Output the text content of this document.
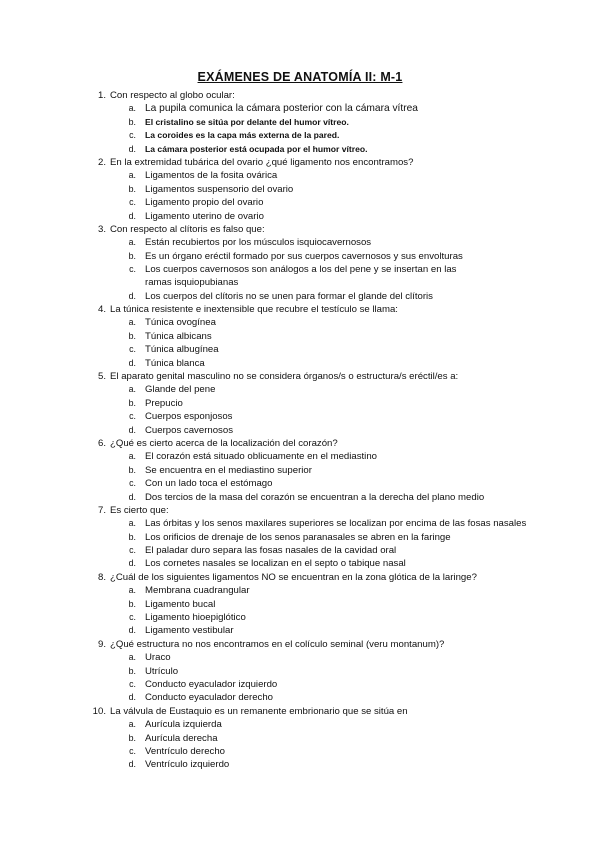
EXÁMENES DE ANATOMÍA II: M-1
1. Con respecto al globo ocular:
a. La pupila comunica la cámara posterior con la cámara vítrea
b. El cristalino se sitúa por delante del humor vítreo.
c. La coroides es la capa más externa de la pared.
d. La cámara posterior está ocupada por el humor vítreo.
2. En la extremidad tubárica del ovario ¿qué ligamento nos encontramos?
a. Ligamentos de la fosita ovárica
b. Ligamentos suspensorio del ovario
c. Ligamento propio del ovario
d. Ligamento uterino de ovario
3. Con respecto al clítoris es falso que:
a. Están recubiertos por los músculos isquiocavernosos
b. Es un órgano eréctil formado por sus cuerpos cavernosos y sus envolturas
c. Los cuerpos cavernosos son análogos a los del pene y se insertan en las ramas isquiopubianas
d. Los cuerpos del clítoris no se unen para formar el glande del clítoris
4. La túnica resistente e inextensible que recubre el testículo se llama:
a. Túnica ovogínea
b. Túnica albicans
c. Túnica albugínea
d. Túnica blanca
5. El aparato genital masculino no se considera órganos/s o estructura/s eréctil/es a:
a. Glande del pene
b. Prepucio
c. Cuerpos esponjosos
d. Cuerpos cavernosos
6. ¿Qué es cierto acerca de la localización del corazón?
a. El corazón está situado oblicuamente en el mediastino
b. Se encuentra en el mediastino superior
c. Con un lado toca el estómago
d. Dos tercios de la masa del corazón se encuentran a la derecha del plano medio
7. Es cierto que:
a. Las órbitas y los senos maxilares superiores se localizan por encima de las fosas nasales
b. Los orificios de drenaje de los senos paranasales se abren en la faringe
c. El paladar duro separa las fosas nasales de la cavidad oral
d. Los cornetes nasales se localizan en el septo o tabique nasal
8. ¿Cuál de los siguientes ligamentos NO se encuentran en la zona glótica de la laringe?
a. Membrana cuadrangular
b. Ligamento bucal
c. Ligamento hioepiglótico
d. Ligamento vestibular
9. ¿Qué estructura no nos encontramos en el colículo seminal (veru montanum)?
a. Uraco
b. Utrículo
c. Conducto eyaculador izquierdo
d. Conducto eyaculador derecho
10. La válvula de Eustaquio es un remanente embrionario que se sitúa en
a. Aurícula izquierda
b. Aurícula derecha
c. Ventrículo derecho
d. Ventrículo izquierdo
